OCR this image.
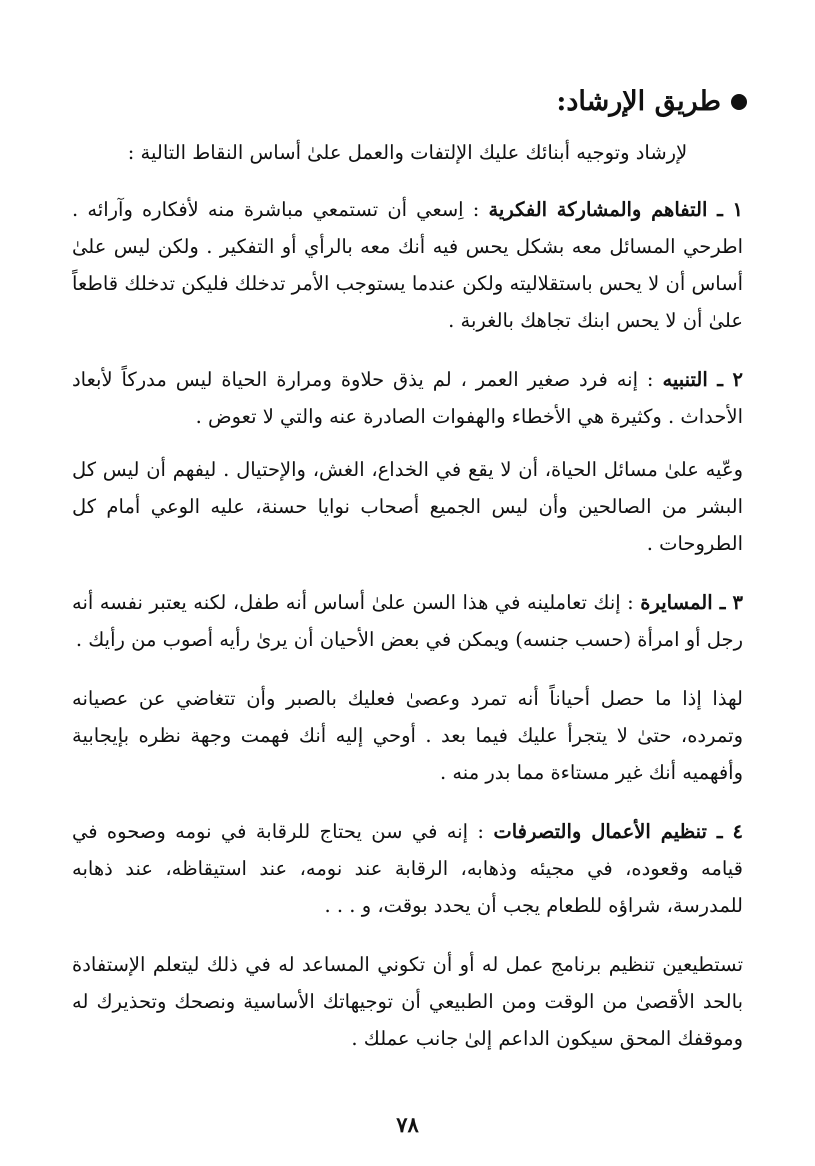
طريق الإرشاد:

لإرشاد وتوجيه أبنائك عليك الإلتفات والعمل علىٰ أساس النقاط التالية :

١ ـ التفاهم والمشاركة الفكرية : اِسعي أن تستمعي مباشرة منه لأفكاره وآرائه . اطرحي المسائل معه بشكل يحس فيه أنك معه بالرأي أو التفكير . ولكن ليس علىٰ أساس أن لا يحس باستقلاليته ولكن عندما يستوجب الأمر تدخلك فليكن تدخلك قاطعاً علىٰ أن لا يحس ابنك تجاهك بالغربة .

٢ ـ التنبيه : إنه فرد صغير العمر ، لم يذق حلاوة ومرارة الحياة ليس مدركاً لأبعاد الأحداث . وكثيرة هي الأخطاء والهفوات الصادرة عنه والتي لا تعوض .

وعّيه علىٰ مسائل الحياة، أن لا يقع في الخداع، الغش، والإحتيال . ليفهم أن ليس كل البشر من الصالحين وأن ليس الجميع أصحاب نوايا حسنة، عليه الوعي أمام كل الطروحات .

٣ ـ المسايرة : إنك تعاملينه في هذا السن علىٰ أساس أنه طفل، لكنه يعتبر نفسه أنه رجل أو امرأة (حسب جنسه) ويمكن في بعض الأحيان أن يرىٰ رأيه أصوب من رأيك .

لهذا إذا ما حصل أحياناً أنه تمرد وعصىٰ فعليك بالصبر وأن تتغاضي عن عصيانه وتمرده، حتىٰ لا يتجرأ عليك فيما بعد . أوحي إليه أنك فهمت وجهة نظره بإيجابية وأفهميه أنك غير مستاءة مما بدر منه .

٤ ـ تنظيم الأعمال والتصرفات : إنه في سن يحتاج للرقابة في نومه وصحوه في قيامه وقعوده، في مجيئه وذهابه، الرقابة عند نومه، عند استيقاظه، عند ذهابه للمدرسة، شراؤه للطعام يجب أن يحدد بوقت، و . . .

تستطيعين تنظيم برنامج عمل له أو أن تكوني المساعد له في ذلك ليتعلم الإستفادة بالحد الأقصىٰ من الوقت ومن الطبيعي أن توجيهاتك الأساسية ونصحك وتحذيرك له وموقفك المحق سيكون الداعم إلىٰ جانب عملك .

٧٨
